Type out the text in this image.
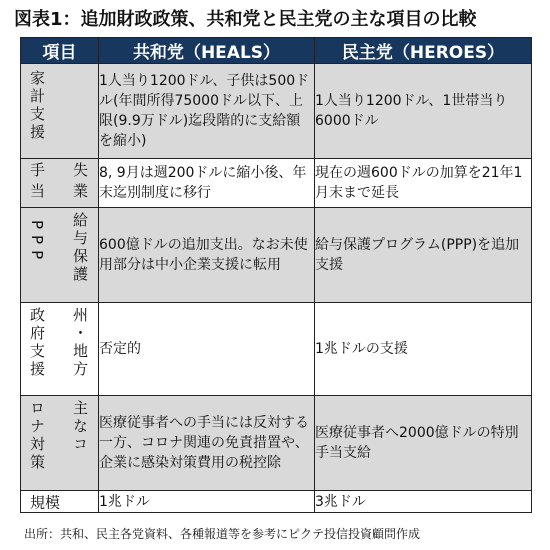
図表1：追加財政政策、共和党と民主党の主な項目の比較
項目	共和党（HEALS）	民主党（HEROES）

家計支援	1人当り1200ドル、子供は500ドル(年間所得75000ドル以下、上限(9.9万ドル)迄段階的に支給額を縮小)	1人当り1200ドル、1世帯当り6000ドル

手当 失業	8, 9月は週200ドルに縮小後、年末迄別制度に移行	現在の週600ドルの加算を21年1月末まで延長

PPP 給与保護	600億ドルの追加支出。なお未使用部分は中小企業支援に転用	給与保護プログラム(PPP)を追加支援

政府支援 州・地方	否定的	1兆ドルの支援

ロナ対策 主なコ	医療従事者への手当には反対する一方、コロナ関連の免責措置や、企業に感染対策費用の税控除	医療従事者へ2000億ドルの特別手当支給

規模	1兆ドル	3兆ドル
出所：共和、民主各党資料、各種報道等を参考にピクテ投信投資顧問作成
